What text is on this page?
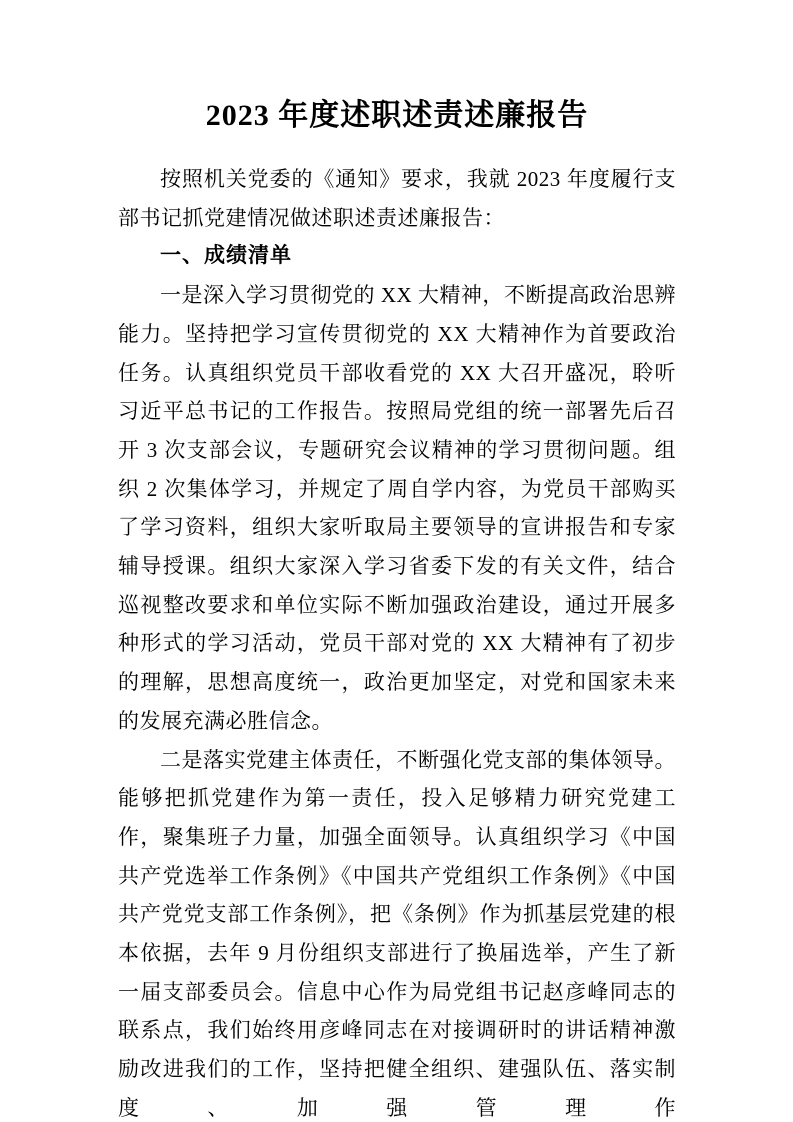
2023 年度述职述责述廉报告

按照机关党委的《通知》要求，我就 2023 年度履行支部书记抓党建情况做述职述责述廉报告：

一、成绩清单

一是深入学习贯彻党的 XX 大精神，不断提高政治思辨能力。坚持把学习宣传贯彻党的 XX 大精神作为首要政治任务。认真组织党员干部收看党的 XX 大召开盛况，聆听习近平总书记的工作报告。按照局党组的统一部署先后召开 3 次支部会议，专题研究会议精神的学习贯彻问题。组织 2 次集体学习，并规定了周自学内容，为党员干部购买了学习资料，组织大家听取局主要领导的宣讲报告和专家辅导授课。组织大家深入学习省委下发的有关文件，结合巡视整改要求和单位实际不断加强政治建设，通过开展多种形式的学习活动，党员干部对党的 XX 大精神有了初步的理解，思想高度统一，政治更加坚定，对党和国家未来的发展充满必胜信念。

二是落实党建主体责任，不断强化党支部的集体领导。能够把抓党建作为第一责任，投入足够精力研究党建工作，聚集班子力量，加强全面领导。认真组织学习《中国共产党选举工作条例》《中国共产党组织工作条例》《中国共产党党支部工作条例》，把《条例》作为抓基层党建的根本依据，去年 9 月份组织支部进行了换届选举，产生了新一届支部委员会。信息中心作为局党组书记赵彦峰同志的联系点，我们始终用彦峰同志在对接调研时的讲话精神激励改进我们的工作，坚持把健全组织、建强队伍、落实制度、加强管理作
